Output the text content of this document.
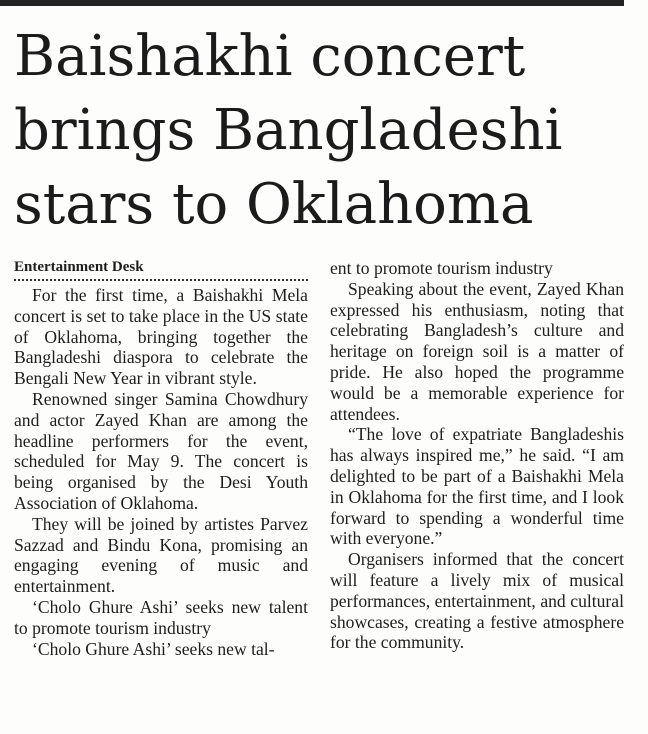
Baishakhi concert
brings Bangladeshi
stars to Oklahoma
Entertainment Desk

For the first time, a Baishakhi Mela concert is set to take place in the US state of Oklahoma, bringing together the Bangladeshi diaspora to celebrate the Bengali New Year in vibrant style.

Renowned singer Samina Chowdhury and actor Zayed Khan are among the headline performers for the event, scheduled for May 9. The concert is being organised by the Desi Youth Association of Oklahoma.

They will be joined by artistes Parvez Sazzad and Bindu Kona, promising an engaging evening of music and entertainment.

‘Cholo Ghure Ashi’ seeks new talent to promote tourism industry

‘Cholo Ghure Ashi’ seeks new tal-

ent to promote tourism industry

Speaking about the event, Zayed Khan expressed his enthusiasm, noting that celebrating Bangladesh’s culture and heritage on foreign soil is a matter of pride. He also hoped the programme would be a memorable experience for attendees.

“The love of expatriate Bangladeshis has always inspired me,” he said. “I am delighted to be part of a Baishakhi Mela in Oklahoma for the first time, and I look forward to spending a wonderful time with everyone.”

Organisers informed that the concert will feature a lively mix of musical performances, entertainment, and cultural showcases, creating a festive atmosphere for the community.
